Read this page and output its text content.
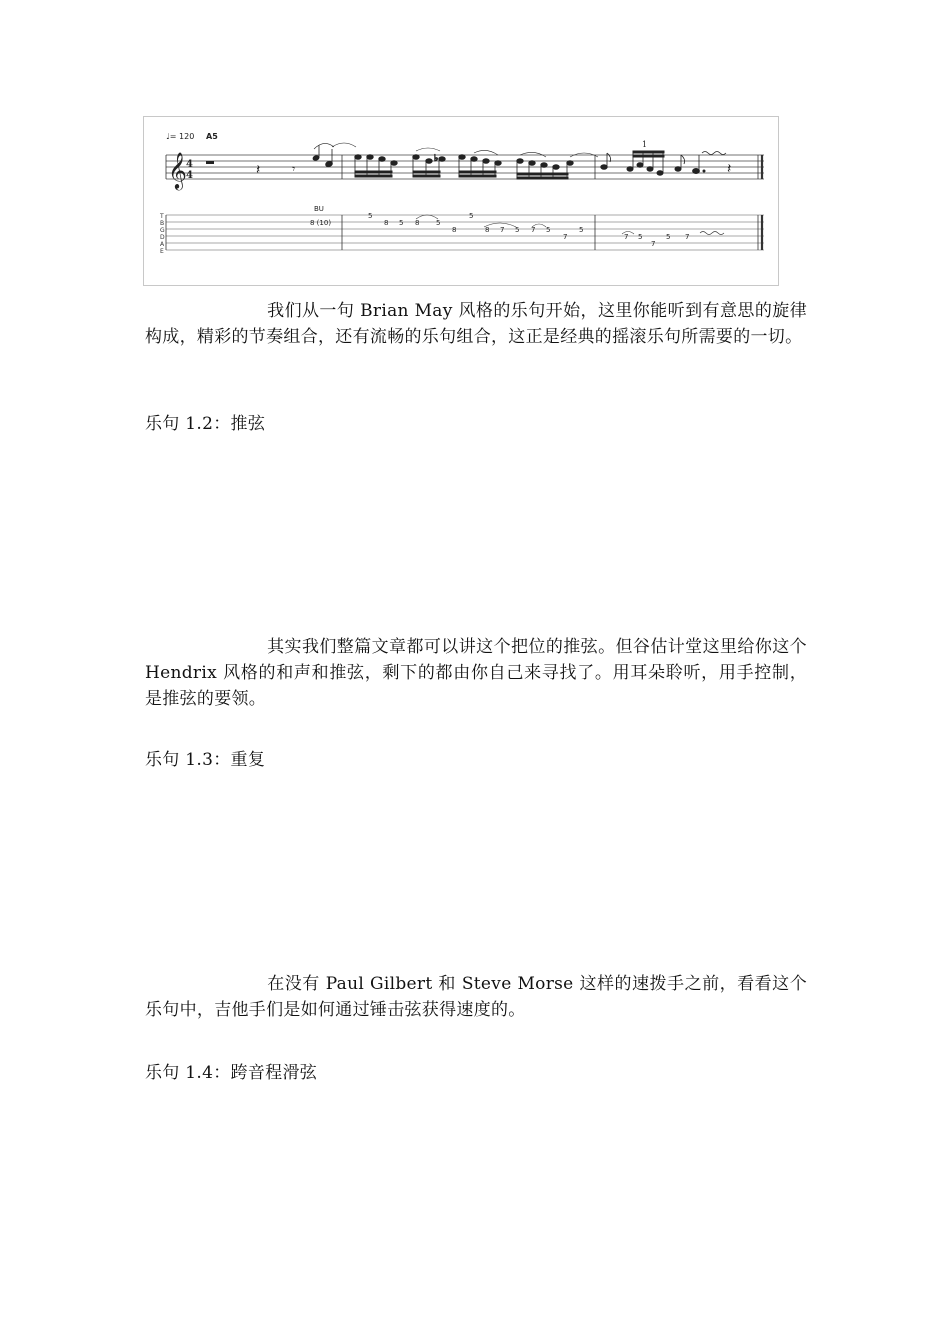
♩= 120 A5
𝄞 4
4	𝄽	𝄾
♭
1
𝄽
T
B
G
D
A
E
BU
8 (10)
5
8 5 8 5
8
5
8 7 5 7 5
7
5
7 5
7
5 7

我们从一句 Brian May 风格的乐句开始，这里你能听到有意思的旋律构成，精彩的节奏组合，还有流畅的乐句组合，这正是经典的摇滚乐句所需要的一切。

乐句 1.2：推弦

其实我们整篇文章都可以讲这个把位的推弦。但谷估计堂这里给你这个 Hendrix 风格的和声和推弦，剩下的都由你自己来寻找了。用耳朵聆听，用手控制，是推弦的要领。

乐句 1.3：重复

在没有 Paul Gilbert 和 Steve Morse 这样的速拨手之前，看看这个乐句中，吉他手们是如何通过锤击弦获得速度的。

乐句 1.4：跨音程滑弦
